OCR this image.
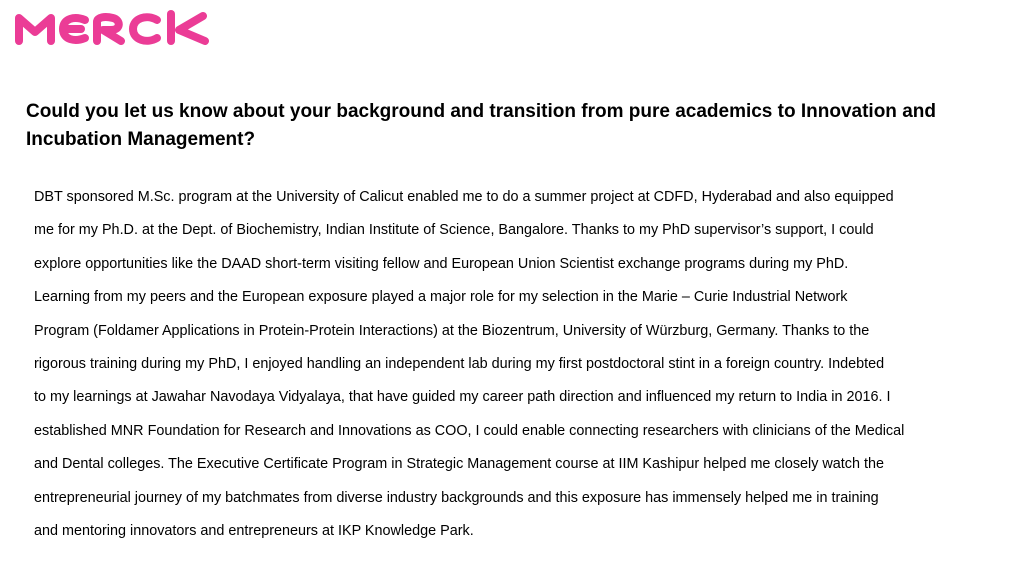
Could you let us know about your background and transition from pure academics to Innovation and
Incubation Management?
DBT sponsored M.Sc. program at the University of Calicut enabled me to do a summer project at CDFD, Hyderabad and also equipped
me for my Ph.D. at the Dept. of Biochemistry, Indian Institute of Science, Bangalore. Thanks to my PhD supervisor’s support, I could
explore opportunities like the DAAD short-term visiting fellow and European Union Scientist exchange programs during my PhD.
Learning from my peers and the European exposure played a major role for my selection in the Marie – Curie Industrial Network
Program (Foldamer Applications in Protein-Protein Interactions) at the Biozentrum, University of Würzburg, Germany. Thanks to the
rigorous training during my PhD, I enjoyed handling an independent lab during my first postdoctoral stint in a foreign country. Indebted
to my learnings at Jawahar Navodaya Vidyalaya, that have guided my career path direction and influenced my return to India in 2016. I
established MNR Foundation for Research and Innovations as COO, I could enable connecting researchers with clinicians of the Medical
and Dental colleges. The Executive Certificate Program in Strategic Management course at IIM Kashipur helped me closely watch the
entrepreneurial journey of my batchmates from diverse industry backgrounds and this exposure has immensely helped me in training
and mentoring innovators and entrepreneurs at IKP Knowledge Park.
